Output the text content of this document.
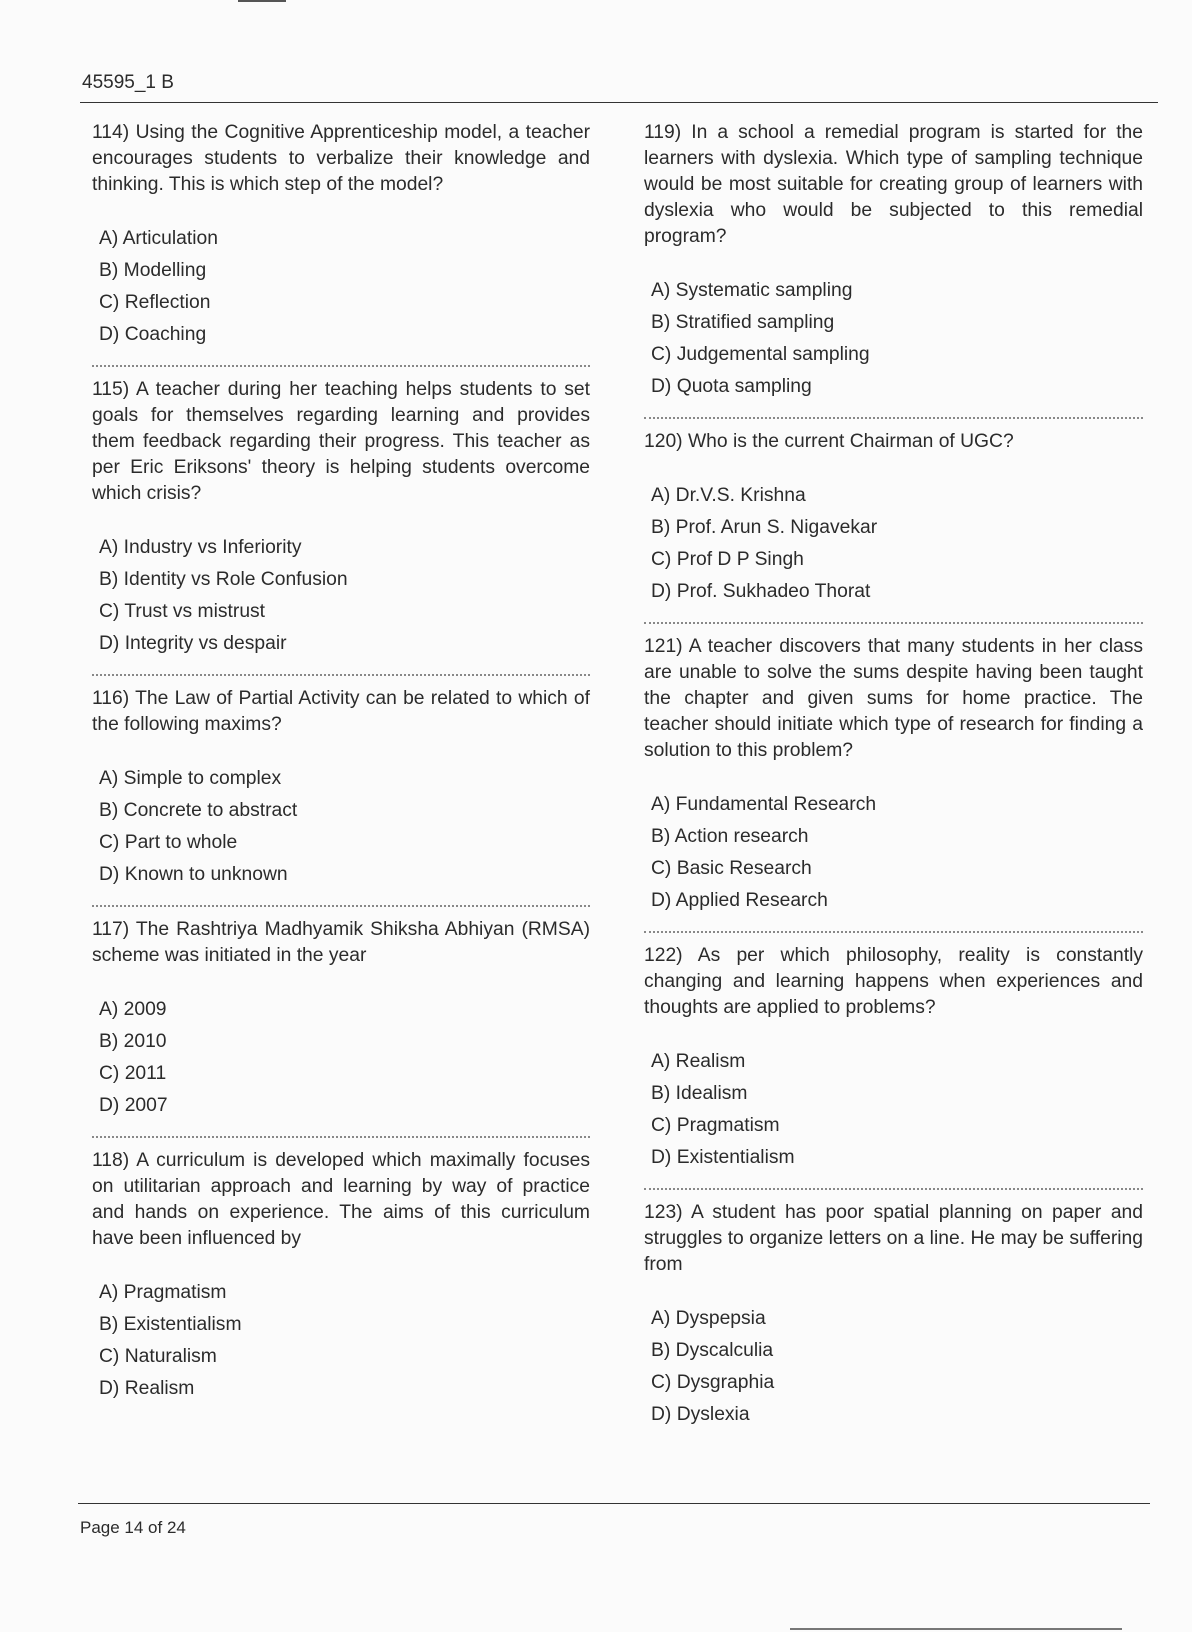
45595_1 B

114) Using the Cognitive Apprenticeship model, a teacher encourages students to verbalize their knowledge and thinking. This is which step of the model?

A) Articulation
B) Modelling
C) Reflection
D) Coaching

115) A teacher during her teaching helps students to set goals for themselves regarding learning and provides them feedback regarding their progress. This teacher as per Eric Eriksons' theory is helping students overcome which crisis?

A) Industry vs Inferiority
B) Identity vs Role Confusion
C) Trust vs mistrust
D) Integrity vs despair

116) The Law of Partial Activity can be related to which of the following maxims?

A) Simple to complex
B) Concrete to abstract
C) Part to whole
D) Known to unknown

117) The Rashtriya Madhyamik Shiksha Abhiyan (RMSA) scheme was initiated in the year

A) 2009
B) 2010
C) 2011
D) 2007

118) A curriculum is developed which maximally focuses on utilitarian approach and learning by way of practice and hands on experience. The aims of this curriculum have been influenced by

A) Pragmatism
B) Existentialism
C) Naturalism
D) Realism

119) In a school a remedial program is started for the learners with dyslexia. Which type of sampling technique would be most suitable for creating group of learners with dyslexia who would be subjected to this remedial program?

A) Systematic sampling
B) Stratified sampling
C) Judgemental sampling
D) Quota sampling

120) Who is the current Chairman of UGC?

A) Dr.V.S. Krishna
B) Prof. Arun S. Nigavekar
C) Prof D P Singh
D) Prof. Sukhadeo Thorat

121) A teacher discovers that many students in her class are unable to solve the sums despite having been taught the chapter and given sums for home practice. The teacher should initiate which type of research for finding a solution to this problem?

A) Fundamental Research
B) Action research
C) Basic Research
D) Applied Research

122) As per which philosophy, reality is constantly changing and learning happens when experiences and thoughts are applied to problems?

A) Realism
B) Idealism
C) Pragmatism
D) Existentialism

123) A student has poor spatial planning on paper and struggles to organize letters on a line. He may be suffering from

A) Dyspepsia
B) Dyscalculia
C) Dysgraphia
D) Dyslexia
Page 14 of 24
